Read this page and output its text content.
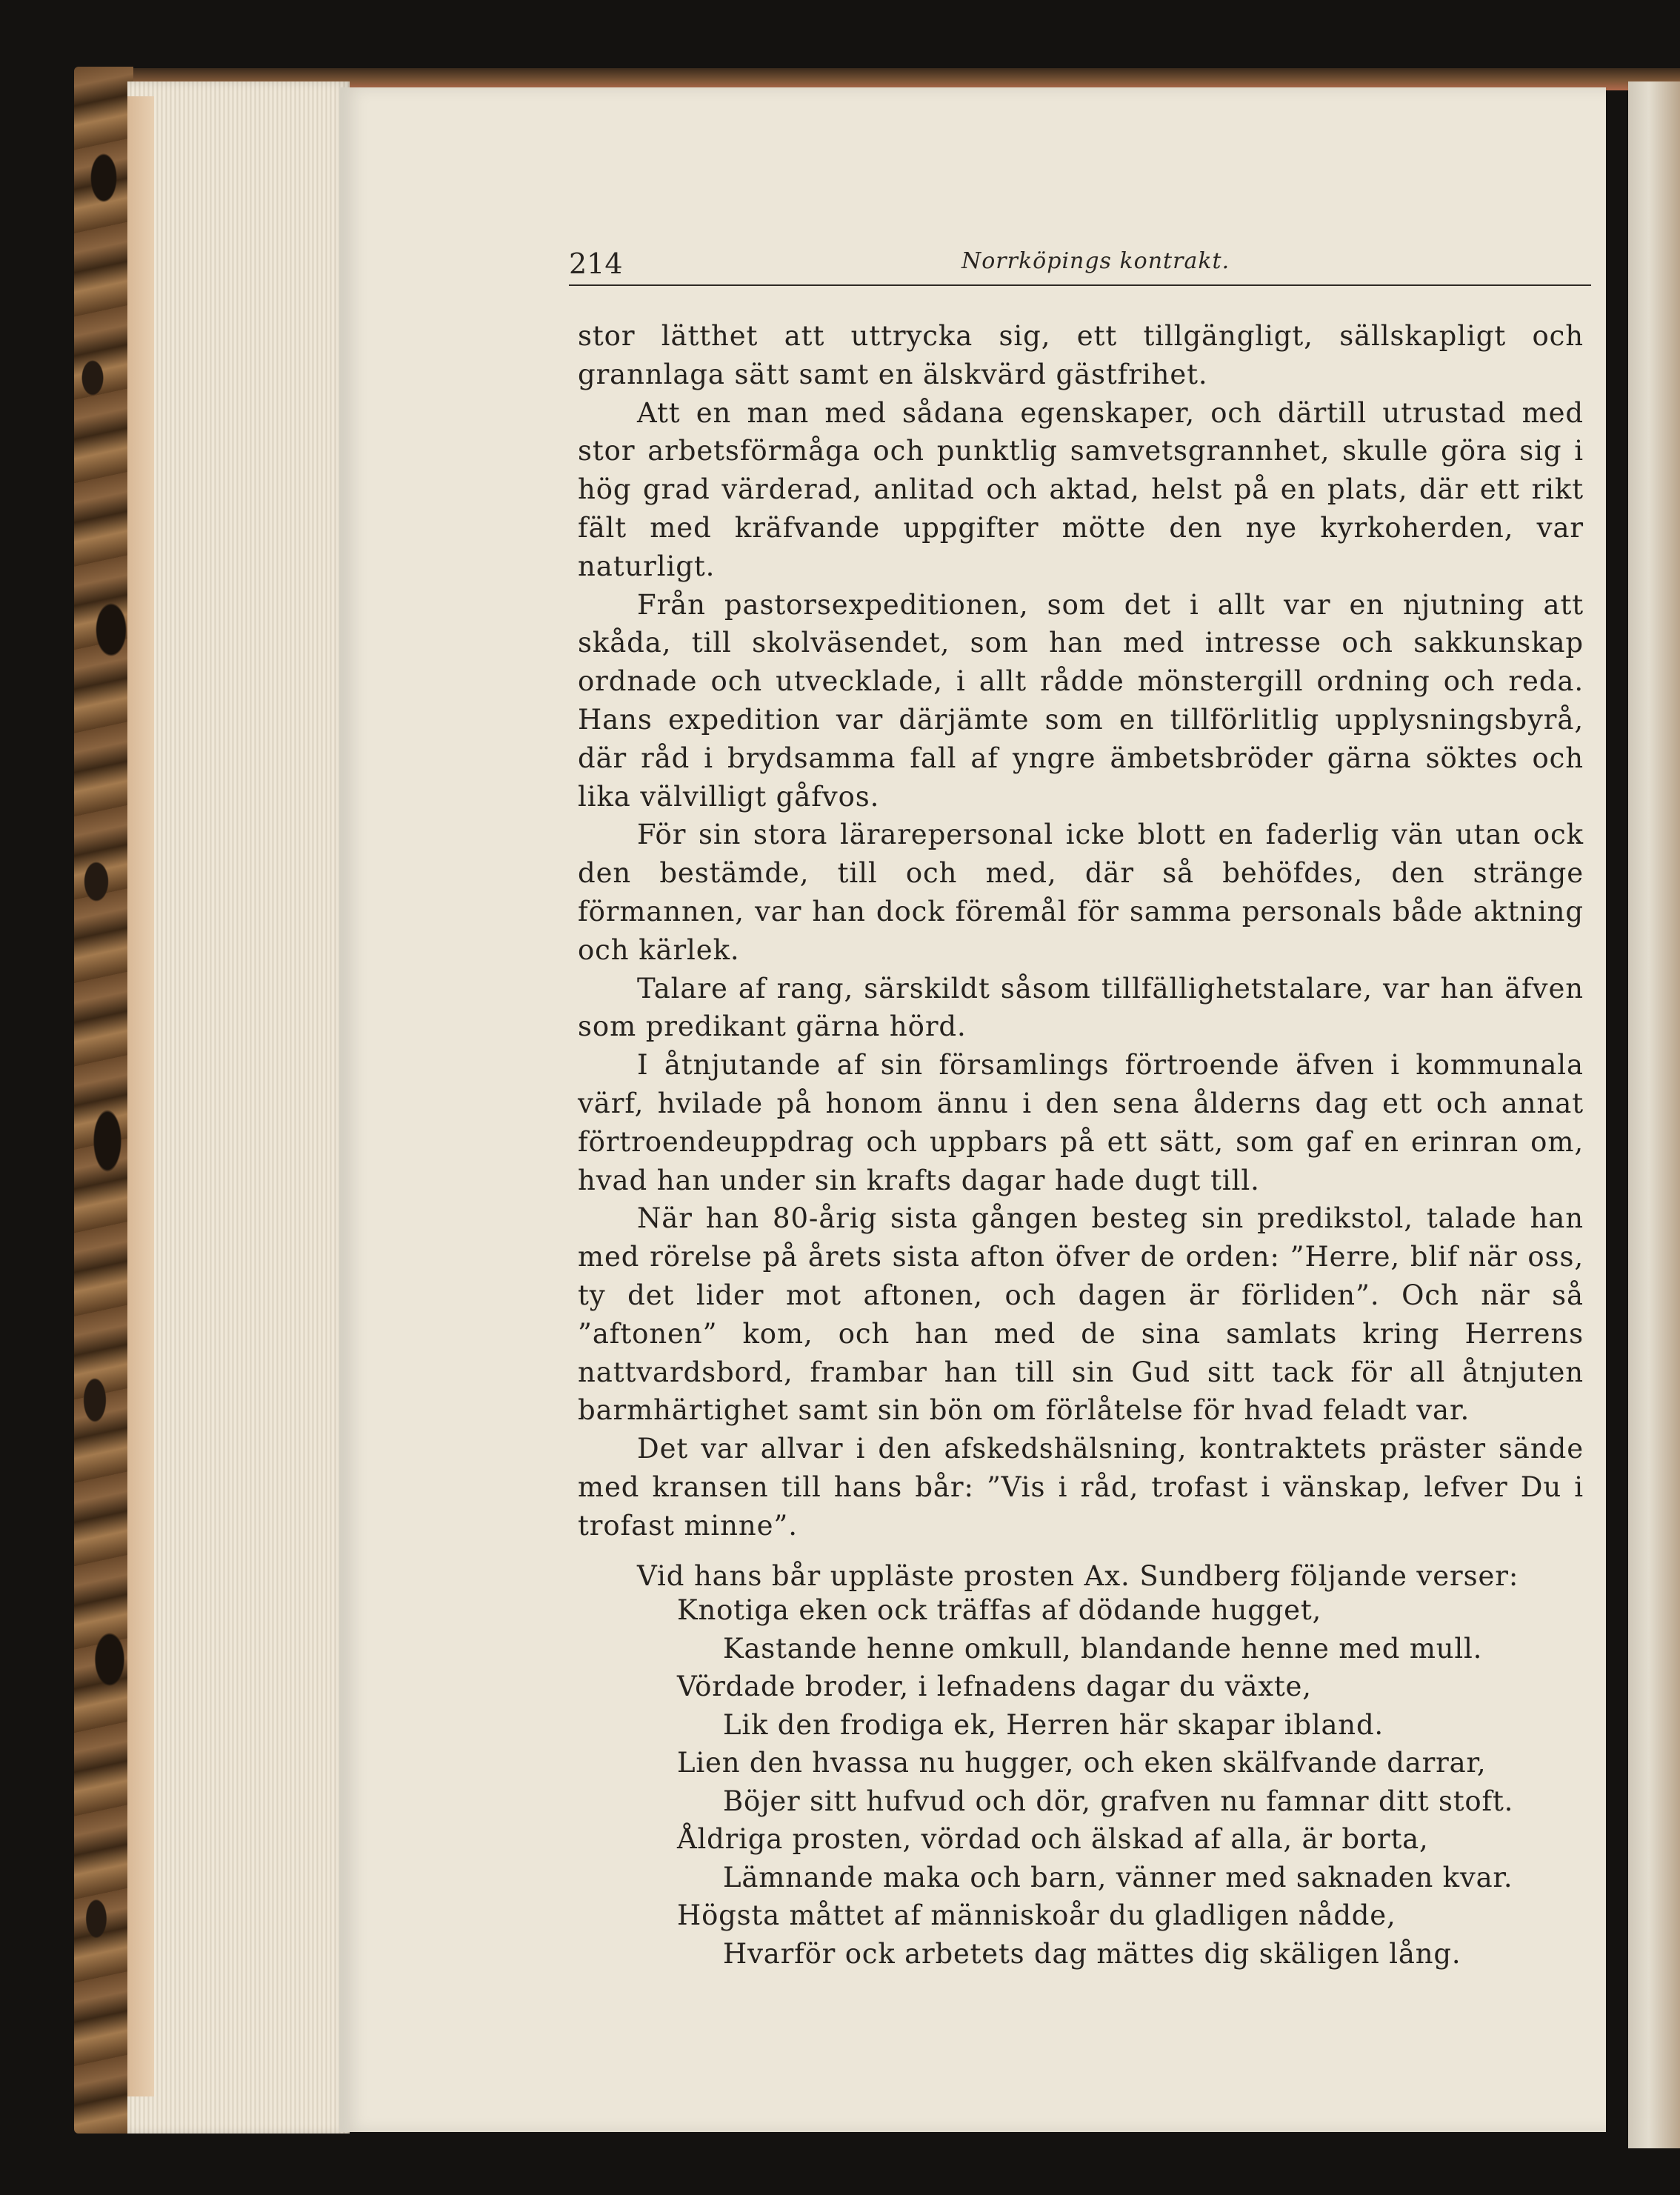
214	Norrköpings kontrakt.

stor lätthet att uttrycka sig, ett tillgängligt, sällskapligt och grannlaga sätt samt en älskvärd gästfrihet.

Att en man med sådana egenskaper, och därtill utrustad med stor arbetsförmåga och punktlig samvetsgrannhet, skulle göra sig i hög grad värderad, anlitad och aktad, helst på en plats, där ett rikt fält med kräfvande uppgifter mötte den nye kyrkoherden, var naturligt.

Från pastorsexpeditionen, som det i allt var en njutning att skåda, till skolväsendet, som han med intresse och sakkunskap ordnade och utvecklade, i allt rådde mönstergill ordning och reda. Hans expedition var därjämte som en tillförlitlig upplysningsbyrå, där råd i brydsamma fall af yngre ämbetsbröder gärna söktes och lika välvilligt gåfvos.

För sin stora lärarepersonal icke blott en faderlig vän utan ock den bestämde, till och med, där så behöfdes, den stränge förmannen, var han dock föremål för samma personals både aktning och kärlek.

Talare af rang, särskildt såsom tillfällighetstalare, var han äfven som predikant gärna hörd.

I åtnjutande af sin församlings förtroende äfven i kommunala värf, hvilade på honom ännu i den sena ålderns dag ett och annat förtroendeuppdrag och uppbars på ett sätt, som gaf en erinran om, hvad han under sin krafts dagar hade dugt till.

När han 80-årig sista gången besteg sin predikstol, talade han med rörelse på årets sista afton öfver de orden: ”Herre, blif när oss, ty det lider mot aftonen, och dagen är förliden”. Och när så ”aftonen” kom, och han med de sina samlats kring Herrens nattvardsbord, frambar han till sin Gud sitt tack för all åtnjuten barmhärtighet samt sin bön om förlåtelse för hvad feladt var.

Det var allvar i den afskedshälsning, kontraktets präster sände med kransen till hans bår: ”Vis i råd, trofast i vänskap, lefver Du i trofast minne”.

Vid hans bår uppläste prosten Ax. Sundberg följande verser:

Knotiga eken ock träffas af dödande hugget,
Kastande henne omkull, blandande henne med mull.
Vördade broder, i lefnadens dagar du växte,
Lik den frodiga ek, Herren här skapar ibland.
Lien den hvassa nu hugger, och eken skälfvande darrar,
Böjer sitt hufvud och dör, grafven nu famnar ditt stoft.
Åldriga prosten, vördad och älskad af alla, är borta,
Lämnande maka och barn, vänner med saknaden kvar.
Högsta måttet af människoår du gladligen nådde,
Hvarför ock arbetets dag mättes dig skäligen lång.
